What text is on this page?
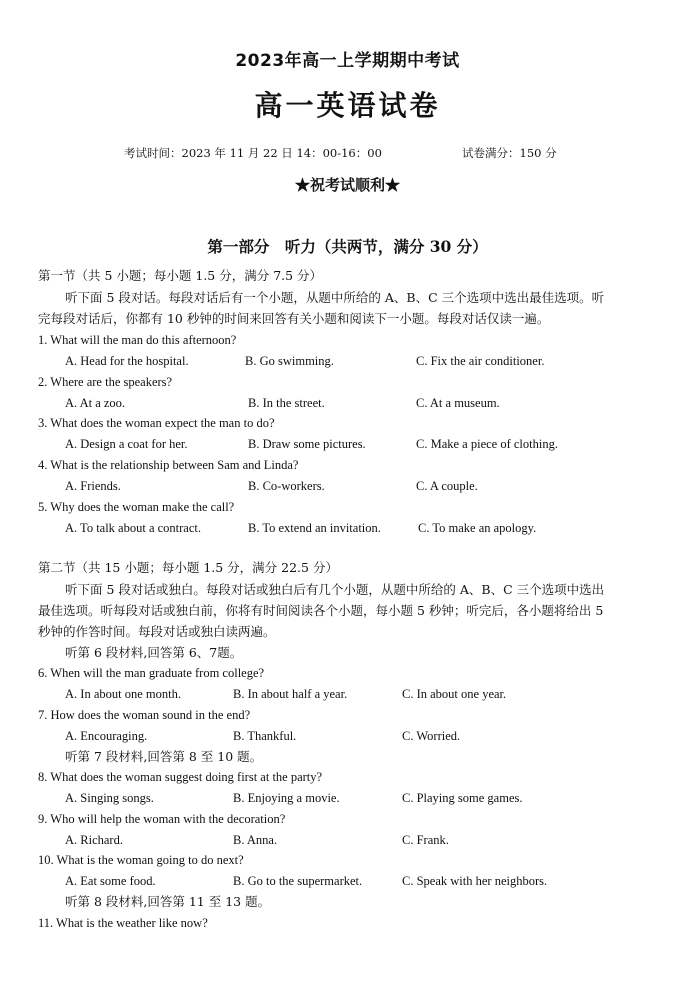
2023年高一上学期期中考试
高一英语试卷
考试时间：2023 年 11 月 22 日 14：00-16：00	试卷满分：150 分
★祝考试顺利★
第一部分　听力（共两节，满分 30 分）
第一节（共 5 小题；每小题 1.5 分，满分 7.5 分）
听下面 5 段对话。每段对话后有一个小题，从题中所给的 A、B、C 三个选项中选出最佳选项。听
完每段对话后，你都有 10 秒钟的时间来回答有关小题和阅读下一小题。每段对话仅读一遍。
1. What will the man do this afternoon?
A. Head for the hospital.	B. Go swimming.	C. Fix the air conditioner.
2. Where are the speakers?
A. At a zoo.	B. In the street.	C. At a museum.
3. What does the woman expect the man to do?
A. Design a coat for her.	B. Draw some pictures.	C. Make a piece of clothing.
4. What is the relationship between Sam and Linda?
A. Friends.	B. Co-workers.	C. A couple.
5. Why does the woman make the call?
A. To talk about a contract.	B. To extend an invitation.	C. To make an apology.
第二节（共 15 小题；每小题 1.5 分，满分 22.5 分）
听下面 5 段对话或独白。每段对话或独白后有几个小题，从题中所给的 A、B、C 三个选项中选出
最佳选项。听每段对话或独白前，你将有时间阅读各个小题，每小题 5 秒钟；听完后，各小题将给出 5
秒钟的作答时间。每段对话或独白读两遍。
听第 6 段材料,回答第 6、7题。
6. When will the man graduate from college?
A. In about one month.	B. In about half a year.	C. In about one year.
7. How does the woman sound in the end?
A. Encouraging.	B. Thankful.	C. Worried.
听第 7 段材料,回答第 8 至 10 题。
8. What does the woman suggest doing first at the party?
A. Singing songs.	B. Enjoying a movie.	C. Playing some games.
9. Who will help the woman with the decoration?
A. Richard.	B. Anna.	C. Frank.
10. What is the woman going to do next?
A. Eat some food.	B. Go to the supermarket.	C. Speak with her neighbors.
听第 8 段材料,回答第 11 至 13 题。
11. What is the weather like now?
